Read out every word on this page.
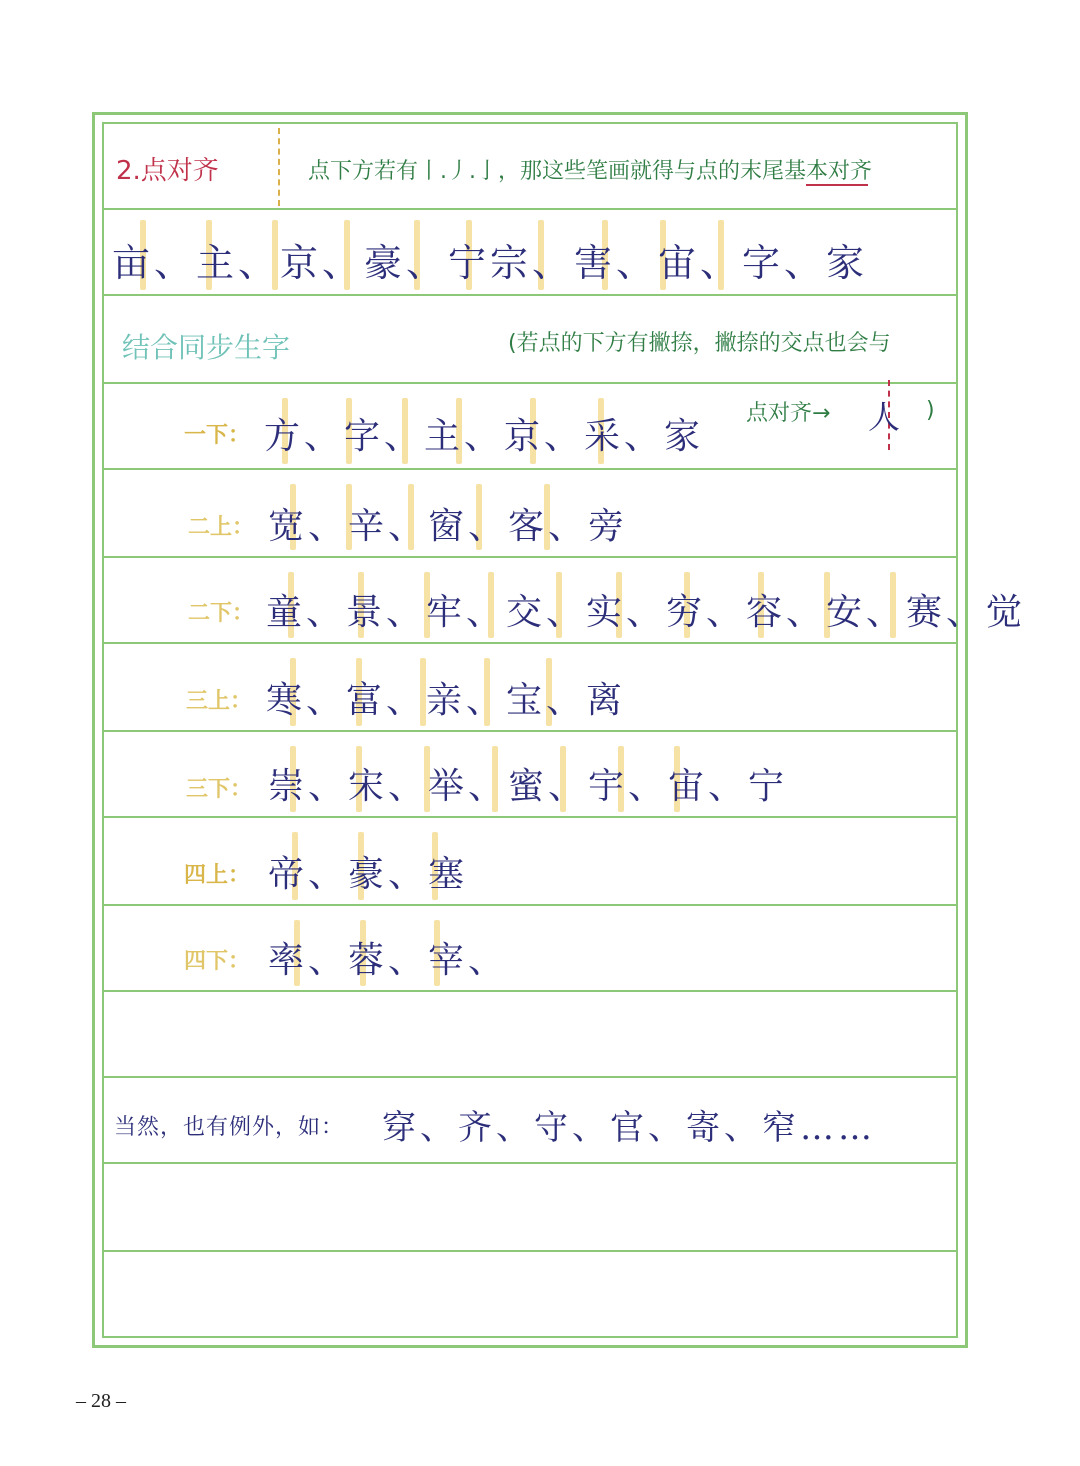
2.点对齐	点下方若有丨.丿.亅，那这些笔画就得与点的末尾基本对齐
亩、主、京、豪、宁宗、害、宙、字、家
结合同步生字	(若点的下方有撇捺，撇捺的交点也会与
一下： 方、字、主、京、采、家
点对齐→ 人 )
二上： 宽、辛、窗、客、旁
二下： 童、景、牢、交、实、穷、容、安、赛、觉
三上： 寒、富、亲、宝、离
三下： 崇、宋、举、蜜、宇、宙、宁
四上： 帝、豪、塞
四下： 率、蓉、宰、
当然，也有例外，如： 穿、齐、守、官、寄、窄……
– 28 –
